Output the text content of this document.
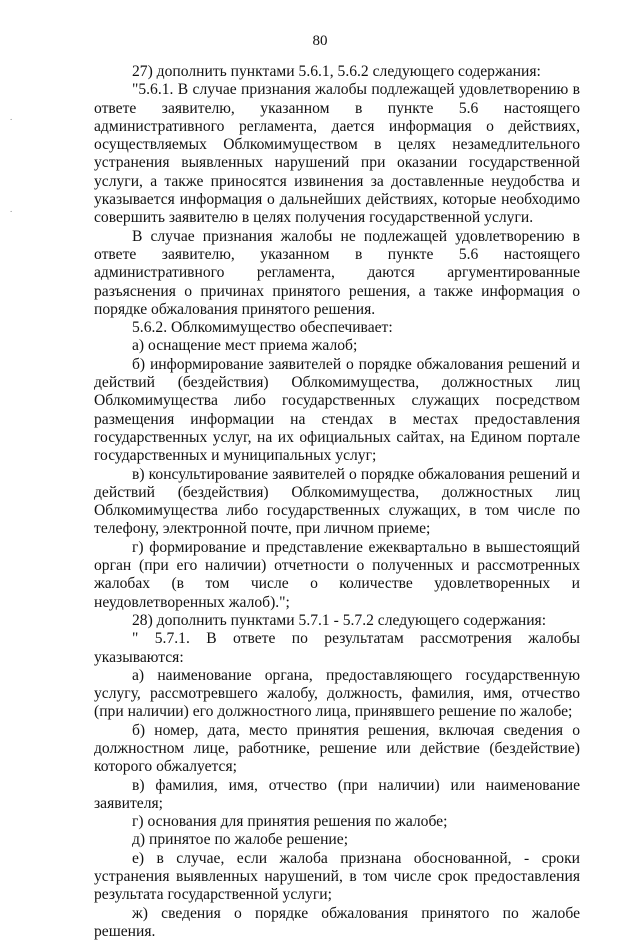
.
.
80

27) дополнить пунктами 5.6.1, 5.6.2 следующего содержания:

"5.6.1. В случае признания жалобы подлежащей удовлетворению в ответе заявителю, указанном в пункте 5.6 настоящего административного регламента, дается информация о действиях, осуществляемых Облкомимуществом в целях незамедлительного устранения выявленных нарушений при оказании государственной услуги, а также приносятся извинения за доставленные неудобства и указывается информация о дальнейших действиях, которые необходимо совершить заявителю в целях получения государственной услуги.

В случае признания жалобы не подлежащей удовлетворению в ответе заявителю, указанном в пункте 5.6 настоящего административного регламента, даются аргументированные разъяснения о причинах принятого решения, а также информация о порядке обжалования принятого решения.

5.6.2. Облкомимущество обеспечивает:

а) оснащение мест приема жалоб;

б) информирование заявителей о порядке обжалования решений и действий (бездействия) Облкомимущества, должностных лиц Облкомимущества либо государственных служащих посредством размещения информации на стендах в местах предоставления государственных услуг, на их официальных сайтах, на Едином портале государственных и муниципальных услуг;

в) консультирование заявителей о порядке обжалования решений и действий (бездействия) Облкомимущества, должностных лиц Облкомимущества либо государственных служащих, в том числе по телефону, электронной почте, при личном приеме;

г) формирование и представление ежеквартально в вышестоящий орган (при его наличии) отчетности о полученных и рассмотренных жалобах (в том числе о количестве удовлетворенных и неудовлетворенных жалоб).";

28) дополнить пунктами 5.7.1 - 5.7.2 следующего содержания:

" 5.7.1. В ответе по результатам рассмотрения жалобы указываются:

а) наименование органа, предоставляющего государственную услугу, рассмотревшего жалобу, должность, фамилия, имя, отчество (при наличии) его должностного лица, принявшего решение по жалобе;

б) номер, дата, место принятия решения, включая сведения о должностном лице, работнике, решение или действие (бездействие) которого обжалуется;

в) фамилия, имя, отчество (при наличии) или наименование заявителя;

г) основания для принятия решения по жалобе;

д) принятое по жалобе решение;

е) в случае, если жалоба признана обоснованной, - сроки устранения выявленных нарушений, в том числе срок предоставления результата государственной услуги;

ж) сведения о порядке обжалования принятого по жалобе решения.
